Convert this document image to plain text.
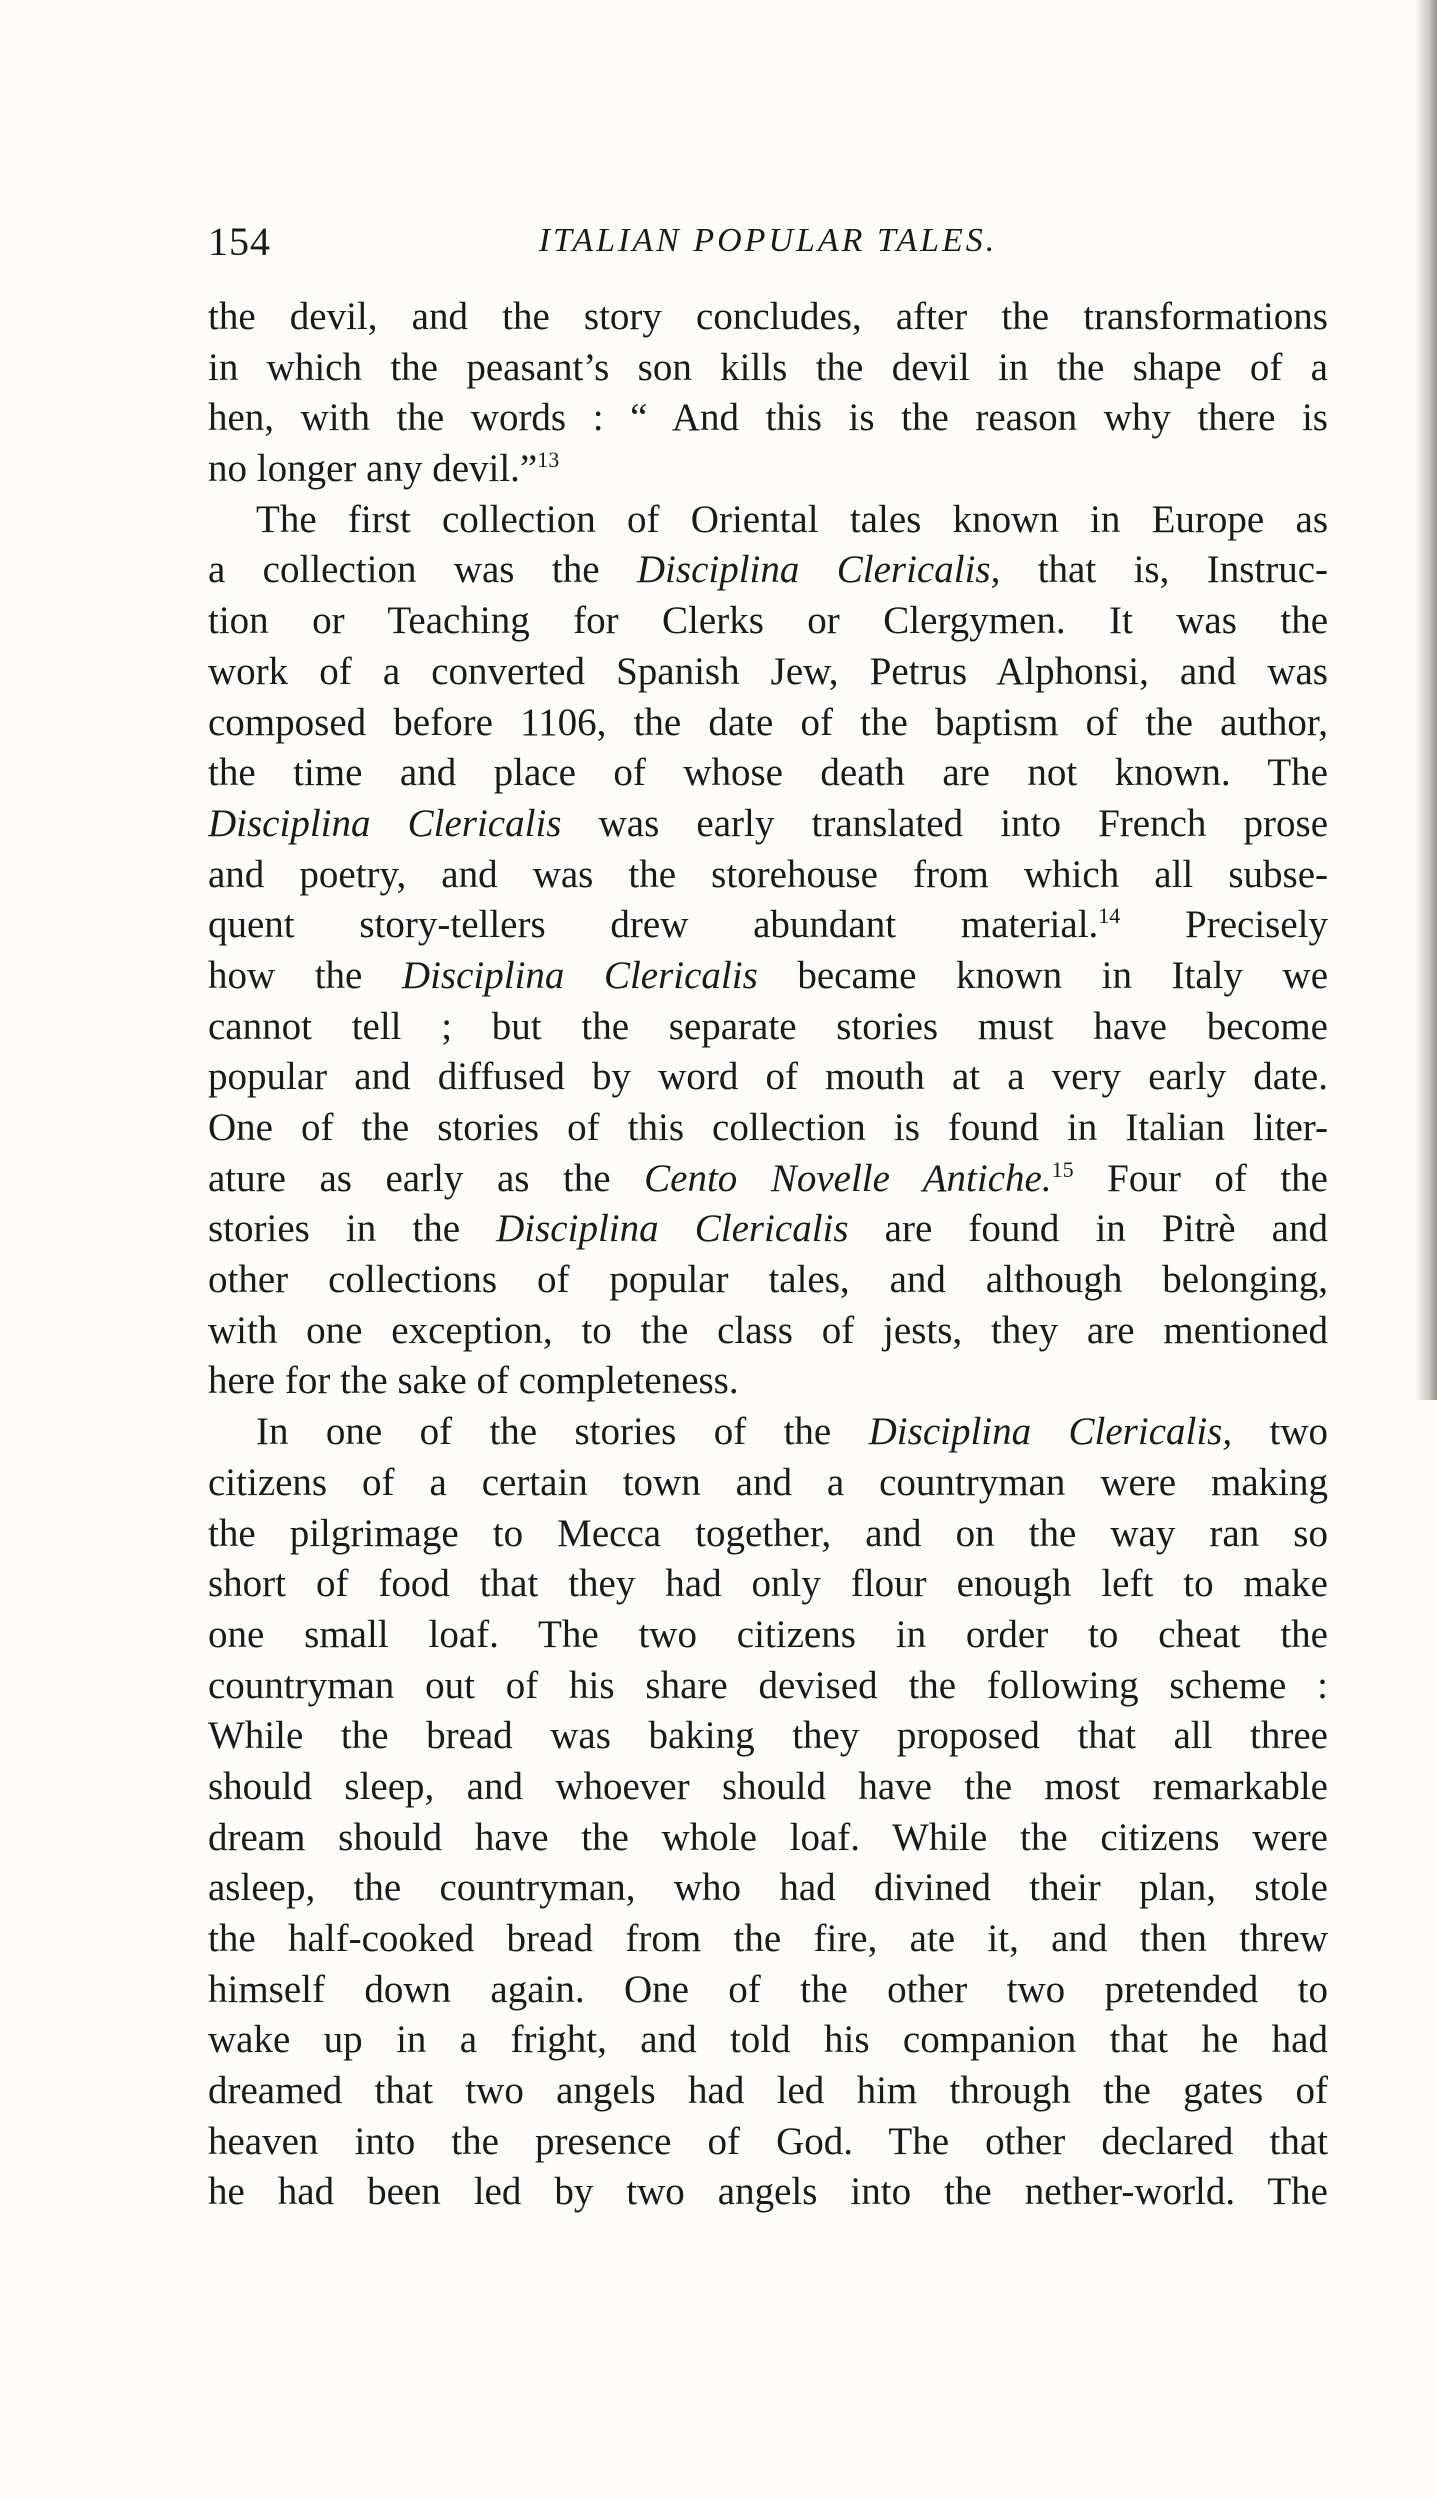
154	ITALIAN POPULAR TALES.
the devil, and the story concludes, after the transformations
in which the peasant’s son kills the devil in the shape of a
hen, with the words : “ And this is the reason why there is
no longer any devil.”$^{13}$
The first collection of Oriental tales known in Europe as
a collection was the Disciplina Clericalis, that is, Instruc-
tion or Teaching for Clerks or Clergymen. It was the
work of a converted Spanish Jew, Petrus Alphonsi, and was
composed before 1106, the date of the baptism of the author,
the time and place of whose death are not known. The
Disciplina Clericalis was early translated into French prose
and poetry, and was the storehouse from which all subse-
quent story-tellers drew abundant material.$^{14}$ Precisely
how the Disciplina Clericalis became known in Italy we
cannot tell ; but the separate stories must have become
popular and diffused by word of mouth at a very early date.
One of the stories of this collection is found in Italian liter-
ature as early as the Cento Novelle Antiche.$^{15}$ Four of the
stories in the Disciplina Clericalis are found in Pitrè and
other collections of popular tales, and although belonging,
with one exception, to the class of jests, they are mentioned
here for the sake of completeness.
In one of the stories of the Disciplina Clericalis, two
citizens of a certain town and a countryman were making
the pilgrimage to Mecca together, and on the way ran so
short of food that they had only flour enough left to make
one small loaf. The two citizens in order to cheat the
countryman out of his share devised the following scheme :
While the bread was baking they proposed that all three
should sleep, and whoever should have the most remarkable
dream should have the whole loaf. While the citizens were
asleep, the countryman, who had divined their plan, stole
the half-cooked bread from the fire, ate it, and then threw
himself down again. One of the other two pretended to
wake up in a fright, and told his companion that he had
dreamed that two angels had led him through the gates of
heaven into the presence of God. The other declared that
he had been led by two angels into the nether-world. The
